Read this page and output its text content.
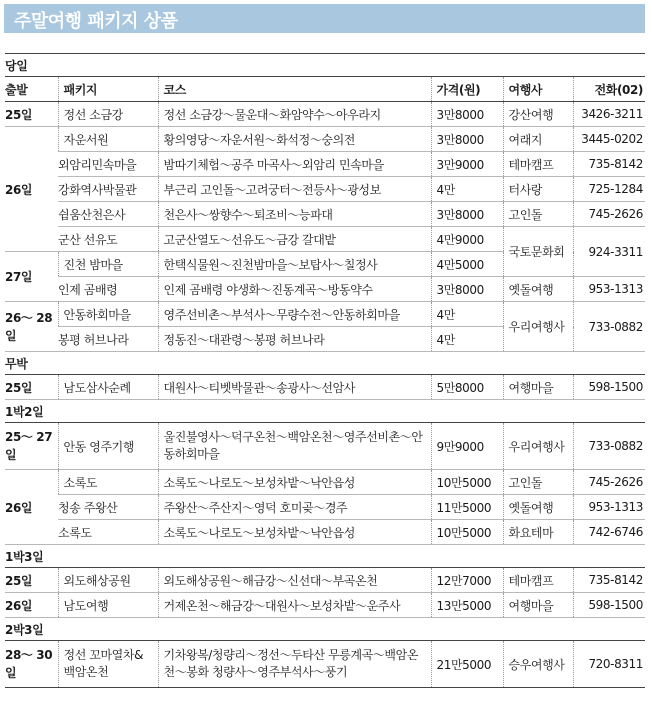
주말여행 패키지 상품
당일					
출발	패키지	코스	가격(원)	여행사	전화(02)
25일	정선 소금강	정선 소금강～물운대～화암약수～아우라지	3만8000	강산여행	3426-3211
26일	자운서원	황의영당～자운서원～화석정～숭의전	3만8000	여래지	3445-0202
	외암리민속마을	밤따기체험～공주 마곡사～외암리 민속마을	3만9000	테마캠프	735-8142
	강화역사박물관	부근리 고인돌～고려궁터～전등사～광성보	4만	터사랑	725-1284
	쉼움산천은사	천은사～쌍향수～퇴조비～능파대	3만8000	고인돌	745-2626
	군산 선유도	고군산열도～선유도～금강 갈대밭	4만9000	국토문화회	924-3311
27일	진천 밤마을	한택식물원～진천밤마을～보탑사～칠정사	4만5000		
	인제 곰배령	인제 곰배령 야생화～진동계곡～방동약수	3만8000	옛돌여행	953-1313
26～ 28일	안동하회마을	영주선비촌～부석사～무량수전～안동하회마을	4만	우리여행사	733-0882
	봉평 허브나라	정동진～대관령～봉평 허브나라	4만		
무박					
25일	남도삼사순례	대원사～티벳박물관～송광사～선암사	5만8000	여행마을	598-1500
1박2일					
25～ 27일	안동 영주기행	울진불영사～덕구온천～백암온천～영주선비촌～안동하회마을	9만9000	우리여행사	733-0882
26일	소록도	소록도～나로도～보성차밭～낙안읍성	10만5000	고인돌	745-2626
	청송 주왕산	주왕산～주산지～영덕 호미곶～경주	11만5000	옛돌여행	953-1313
	소록도	소록도～나로도～보성차밭～낙안읍성	10만5000	화요테마	742-6746
1박3일					
25일	외도해상공원	외도해상공원～해금강～신선대～부곡온천	12만7000	테마캠프	735-8142
26일	남도여행	거제온천～해금강～대원사～보성차밭～운주사	13만5000	여행마을	598-1500
2박3일					
28～ 30일	정선 꼬마열차& 백암온천	기차왕복/청량리～정선～두타산 무릉계곡～백암온천～봉화 청량사～영주부석사～풍기	21만5000	승우여행사	720-8311
